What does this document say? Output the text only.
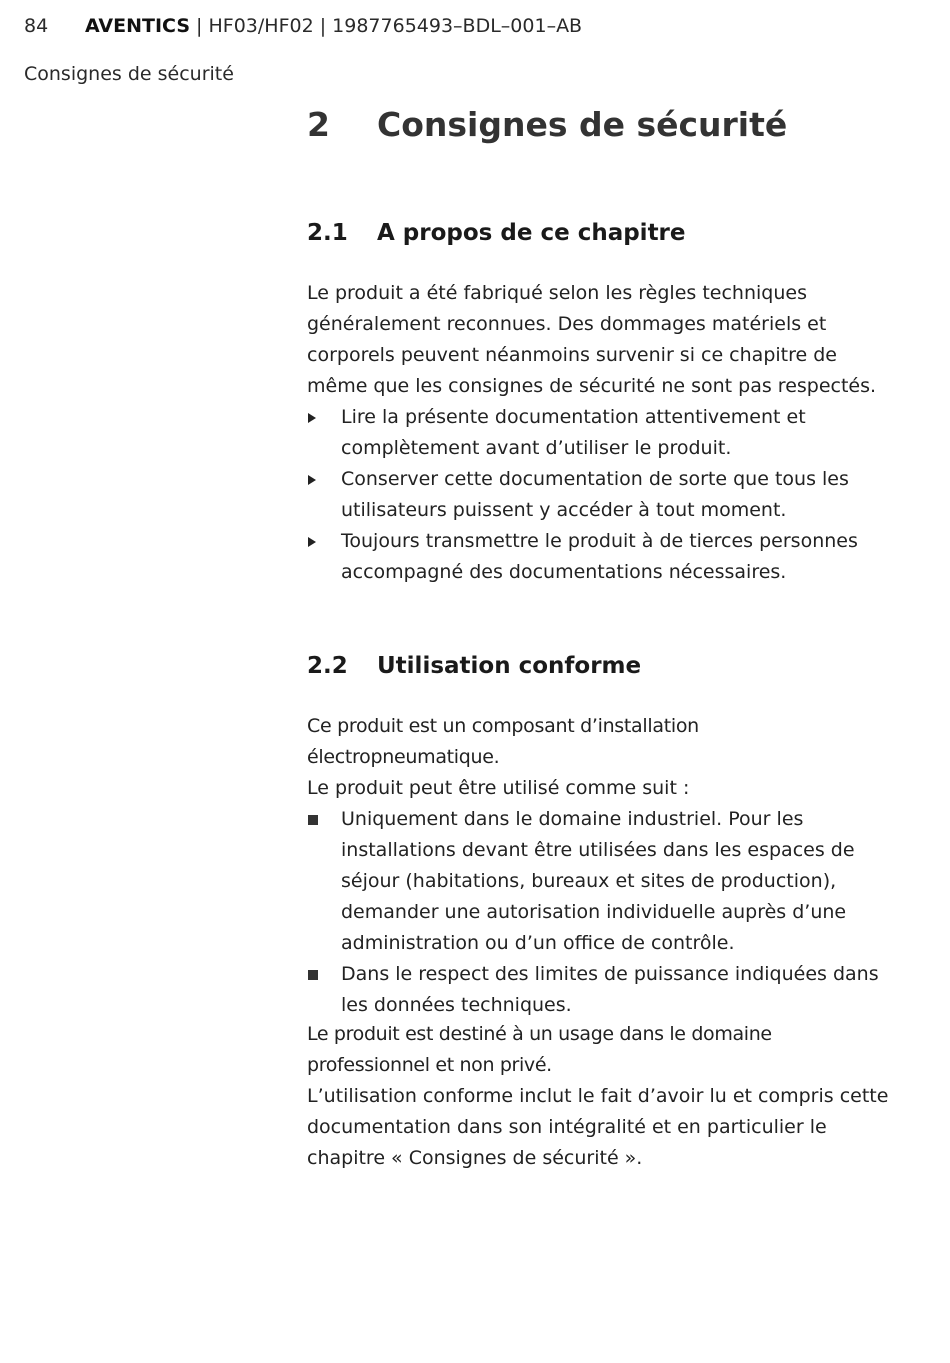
84 AVENTICS | HF03/HF02 | 1987765493–BDL–001–AB
Consignes de sécurité
2 Consignes de sécurité
2.1 A propos de ce chapitre

Le produit a été fabriqué selon les règles techniques généralement reconnues. Des dommages matériels et corporels peuvent néanmoins survenir si ce chapitre de même que les consignes de sécurité ne sont pas respectés.

Lire la présente documentation attentivement et complètement avant d’utiliser le produit.
Conserver cette documentation de sorte que tous les utilisateurs puissent y accéder à tout moment.
Toujours transmettre le produit à de tierces personnes accompagné des documentations nécessaires.
2.2 Utilisation conforme

Ce produit est un composant d’installation électropneumatique.

Le produit peut être utilisé comme suit :

Uniquement dans le domaine industriel. Pour les installations devant être utilisées dans les espaces de séjour (habitations, bureaux et sites de production), demander une autorisation individuelle auprès d’une administration ou d’un office de contrôle.
Dans le respect des limites de puissance indiquées dans les données techniques.

Le produit est destiné à un usage dans le domaine professionnel et non privé.

L’utilisation conforme inclut le fait d’avoir lu et compris cette documentation dans son intégralité et en particulier le chapitre « Consignes de sécurité ».
